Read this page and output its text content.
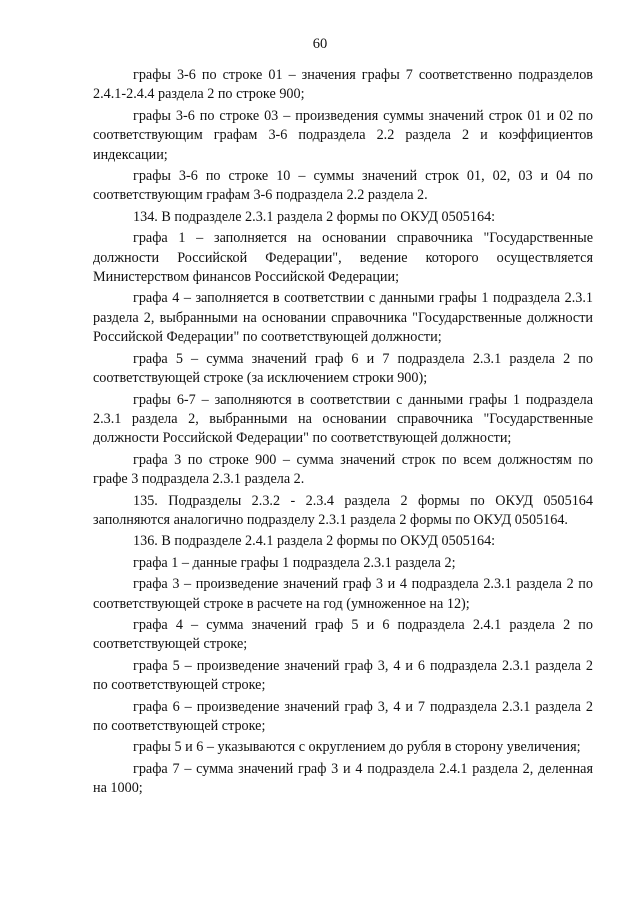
60

графы 3-6 по строке 01 – значения графы 7 соответственно подразделов 2.4.1-2.4.4 раздела 2 по строке 900;

графы 3-6 по строке 03 – произведения суммы значений строк 01 и 02 по соответствующим графам 3-6 подраздела 2.2 раздела 2 и коэффициентов индексации;

графы 3-6 по строке 10 – суммы значений строк 01, 02, 03 и 04 по соответствующим графам 3-6 подраздела 2.2 раздела 2.

134. В подразделе 2.3.1 раздела 2 формы по ОКУД 0505164:

графа 1 – заполняется на основании справочника "Государственные должности Российской Федерации", ведение которого осуществляется Министерством финансов Российской Федерации;

графа 4 – заполняется в соответствии с данными графы 1 подраздела 2.3.1 раздела 2, выбранными на основании справочника "Государственные должности Российской Федерации" по соответствующей должности;

графа 5 – сумма значений граф 6 и 7 подраздела 2.3.1 раздела 2 по соответствующей строке (за исключением строки 900);

графы 6-7 – заполняются в соответствии с данными графы 1 подраздела 2.3.1 раздела 2, выбранными на основании справочника "Государственные должности Российской Федерации" по соответствующей должности;

графа 3 по строке 900 – сумма значений строк по всем должностям по графе 3 подраздела 2.3.1 раздела 2.

135. Подразделы 2.3.2 - 2.3.4 раздела 2 формы по ОКУД 0505164 заполняются аналогично подразделу 2.3.1 раздела 2 формы по ОКУД 0505164.

136. В подразделе 2.4.1 раздела 2 формы по ОКУД 0505164:

графа 1 – данные графы 1 подраздела 2.3.1 раздела 2;

графа 3 – произведение значений граф 3 и 4 подраздела 2.3.1 раздела 2 по соответствующей строке в расчете на год (умноженное на 12);

графа 4 – сумма значений граф 5 и 6 подраздела 2.4.1 раздела 2 по соответствующей строке;

графа 5 – произведение значений граф 3, 4 и 6 подраздела 2.3.1 раздела 2 по соответствующей строке;

графа 6 – произведение значений граф 3, 4 и 7 подраздела 2.3.1 раздела 2 по соответствующей строке;

графы 5 и 6 – указываются с округлением до рубля в сторону увеличения;

графа 7 – сумма значений граф 3 и 4 подраздела 2.4.1 раздела 2, деленная на 1000;
